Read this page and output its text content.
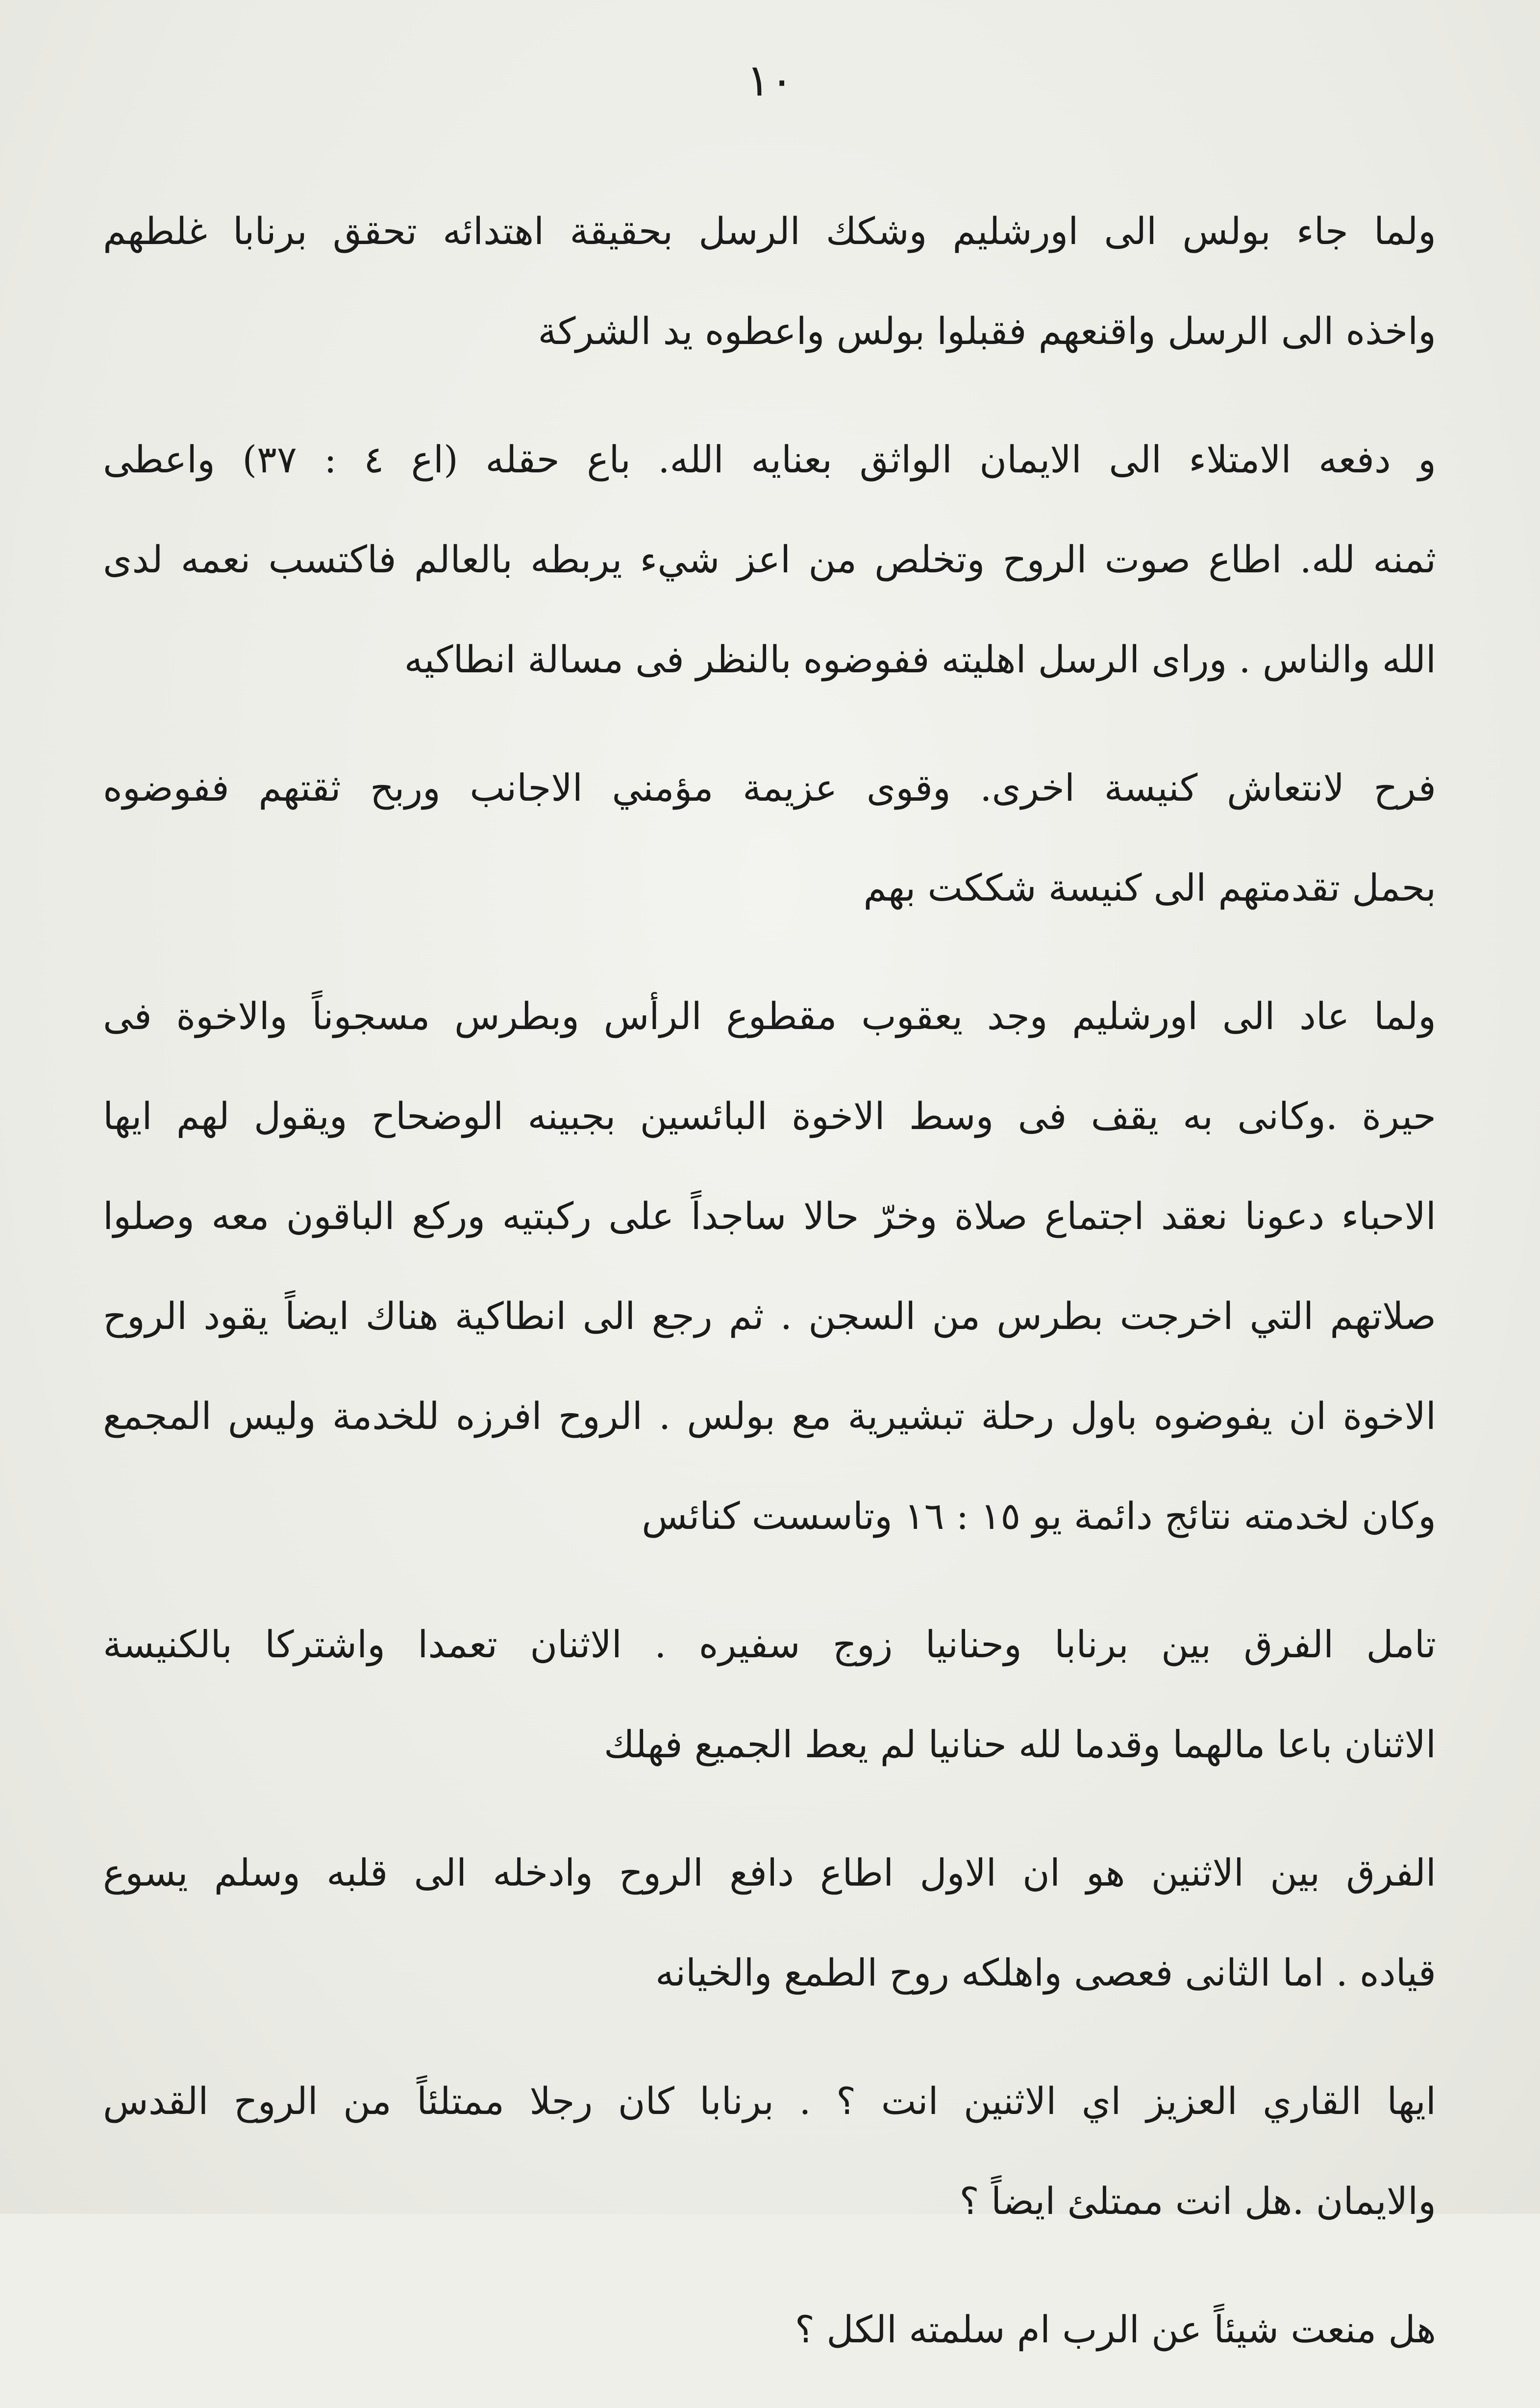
١٠
ولما جاء بولس الى اورشليم وشكك الرسل بحقيقة اهتدائه تحقق برنابا غلطهم
واخذه الى الرسل واقنعهم فقبلوا بولس واعطوه يد الشركة
و دفعه الامتلاء الى الايمان الواثق بعنايه الله. باع حقله (اع ٤ : ٣٧) واعطى
ثمنه لله. اطاع صوت الروح وتخلص من اعز شيء يربطه بالعالم فاكتسب نعمه لدى
الله والناس . وراى الرسل اهليته ففوضوه بالنظر فى مسالة انطاكيه
فرح لانتعاش كنيسة اخرى. وقوى عزيمة مؤمني الاجانب وربح ثقتهم ففوضوه
بحمل تقدمتهم الى كنيسة شككت بهم
ولما عاد الى اورشليم وجد يعقوب مقطوع الرأس وبطرس مسجوناً والاخوة فى
حيرة .وكانى به يقف فى وسط الاخوة البائسين بجبينه الوضحاح ويقول لهم ايها
الاحباء دعونا نعقد اجتماع صلاة وخرّ حالا ساجداً على ركبتيه وركع الباقون معه وصلوا
صلاتهم التي اخرجت بطرس من السجن . ثم رجع الى انطاكية هناك ايضاً يقود الروح
الاخوة ان يفوضوه باول رحلة تبشيرية مع بولس . الروح افرزه للخدمة وليس المجمع
وكان لخدمته نتائج دائمة يو ١٥ : ١٦ وتاسست كنائس
تامل الفرق بين برنابا وحنانيا زوج سفيره . الاثنان تعمدا واشتركا بالكنيسة
الاثنان باعا مالهما وقدما لله حنانيا لم يعط الجميع فهلك
الفرق بين الاثنين هو ان الاول اطاع دافع الروح وادخله الى قلبه وسلم يسوع
قياده . اما الثانى فعصى واهلكه روح الطمع والخيانه
ايها القاري العزيز اي الاثنين انت ؟ . برنابا كان رجلا ممتلئاً من الروح القدس
والايمان .هل انت ممتلئ ايضاً ؟
هل منعت شيئاً عن الرب ام سلمته الكل ؟
